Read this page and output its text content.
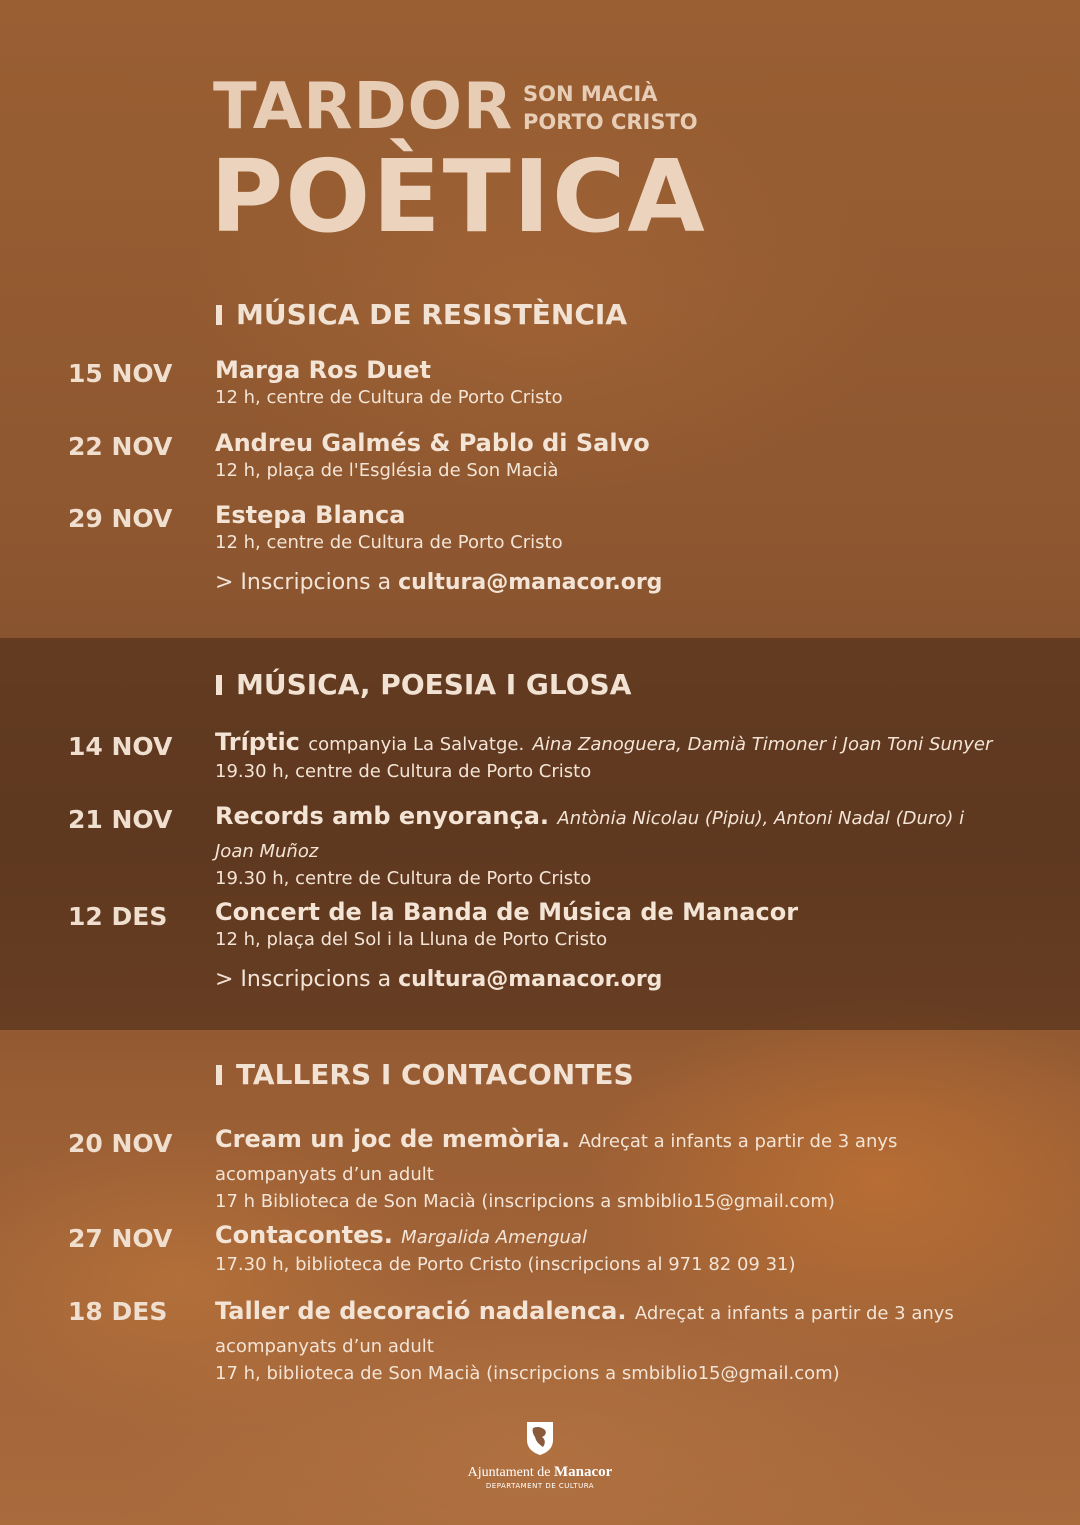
TARDOR SON MACIÀ
PORTO CRISTO
POÈTICA
MÚSICA DE RESISTÈNCIA
15 NOV Marga Ros Duet
12 h, centre de Cultura de Porto Cristo
22 NOV Andreu Galmés & Pablo di Salvo
12 h, plaça de l'Església de Son Macià
29 NOV Estepa Blanca
12 h, centre de Cultura de Porto Cristo
> Inscripcions a cultura@manacor.org
MÚSICA, POESIA I GLOSA
14 NOV Tríptic companyia La Salvatge. Aina Zanoguera, Damià Timoner i Joan Toni Sunyer
19.30 h, centre de Cultura de Porto Cristo
21 NOV Records amb enyorança. Antònia Nicolau (Pipiu), Antoni Nadal (Duro) i Joan Muñoz
19.30 h, centre de Cultura de Porto Cristo
12 DES Concert de la Banda de Música de Manacor
12 h, plaça del Sol i la Lluna de Porto Cristo
> Inscripcions a cultura@manacor.org
TALLERS I CONTACONTES
20 NOV Cream un joc de memòria. Adreçat a infants a partir de 3 anys acompanyats d’un adult
17 h Biblioteca de Son Macià (inscripcions a smbiblio15@gmail.com)
27 NOV Contacontes. Margalida Amengual
17.30 h, biblioteca de Porto Cristo (inscripcions al 971 82 09 31)
18 DES Taller de decoració nadalenca. Adreçat a infants a partir de 3 anys acompanyats d’un adult
17 h, biblioteca de Son Macià (inscripcions a smbiblio15@gmail.com)
Ajuntament de Manacor
DEPARTAMENT DE CULTURA
